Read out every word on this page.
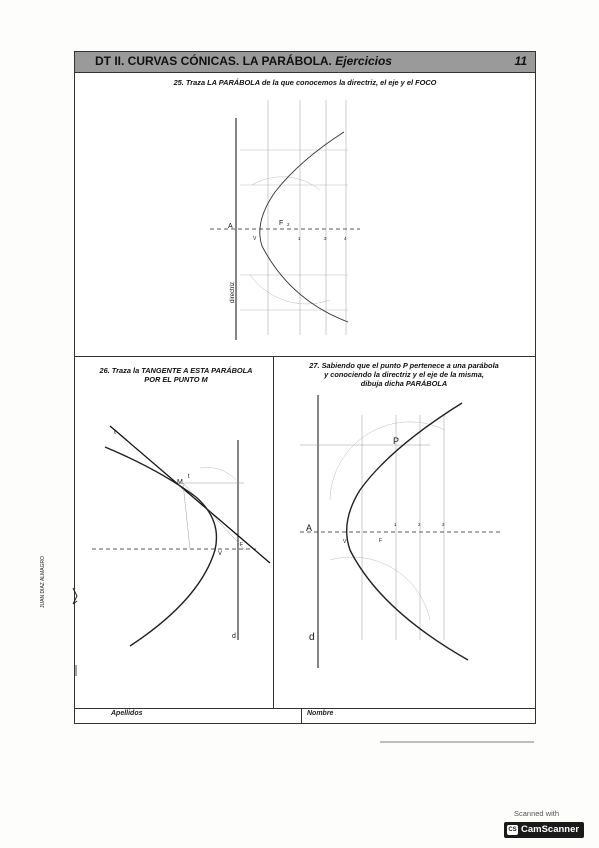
DT II. CURVAS CÓNICAS. LA PARÁBOLA. Ejercicios	11
25. Traza LA PARÁBOLA de la que conocemos la directriz, el eje y el FOCO
26. Traza la TANGENTE A ESTA PARÁBOLA
POR EL PUNTO M
27. Sabiendo que el punto P pertenece a una parábola
y conociendo la directriz y el eje de la misma,
dibuja dicha PARÁBOLA
Apellidos	Nombre
JUAN DIAZ ALMAGRO
A	F
V
2
1	3	4
directriz
t
M
t
V
F
d
P
A
V	F
1	2	3
d
Scanned with
CS CamScanner
